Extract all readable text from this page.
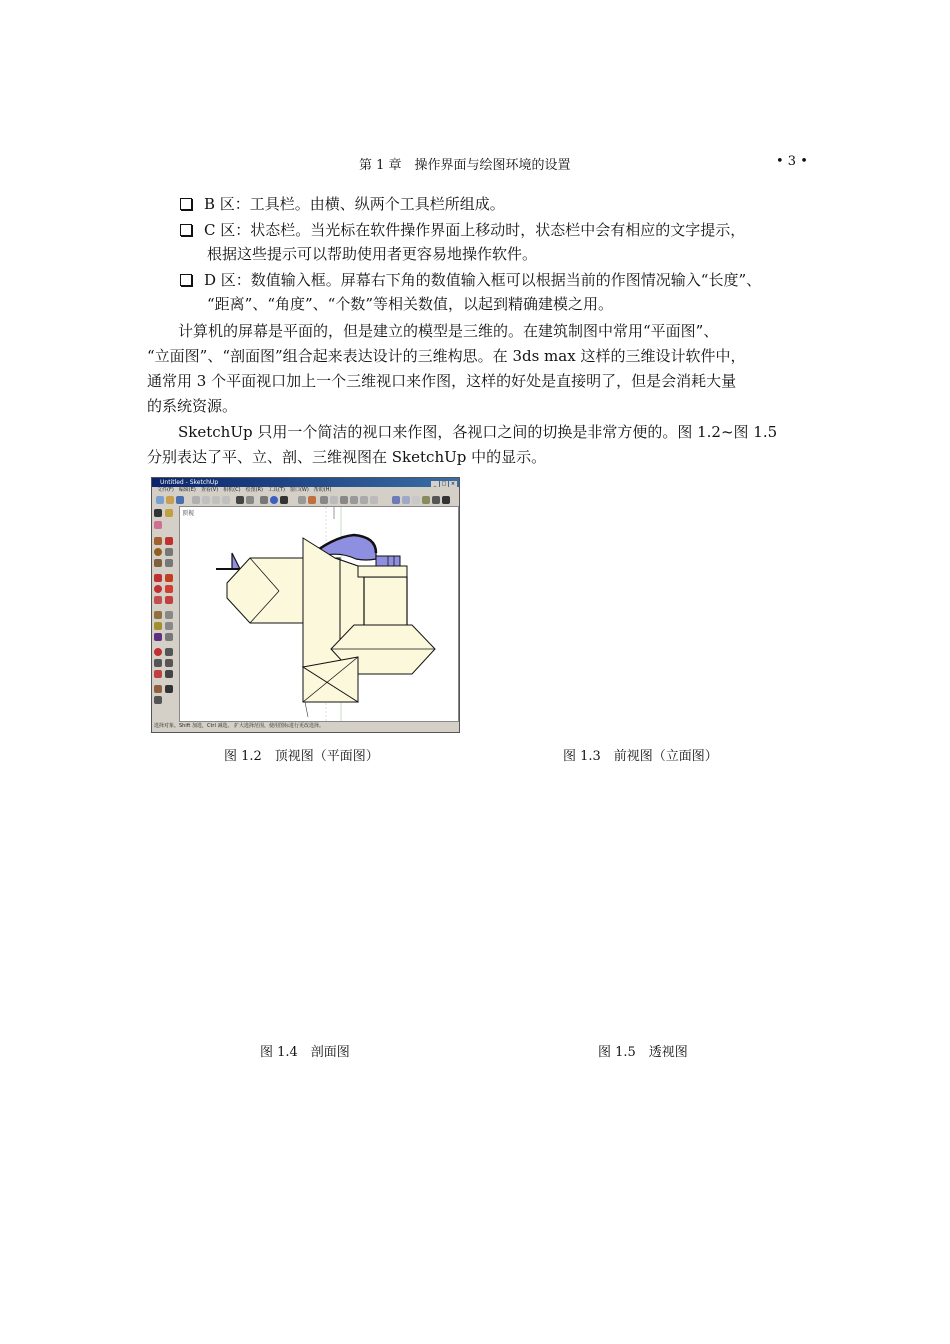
第 1 章　操作界面与绘图环境的设置	• 3 •
B 区：工具栏。由横、纵两个工具栏所组成。
C 区：状态栏。当光标在软件操作界面上移动时，状态栏中会有相应的文字提示，
根据这些提示可以帮助使用者更容易地操作软件。
D 区：数值输入框。屏幕右下角的数值输入框可以根据当前的作图情况输入“长度”、
“距离”、“角度”、“个数”等相关数值，以起到精确建模之用。
计算机的屏幕是平面的，但是建立的模型是三维的。在建筑制图中常用“平面图”、
“立面图”、“剖面图”组合起来表达设计的三维构思。在 3ds max 这样的三维设计软件中，
通常用 3 个平面视口加上一个三维视口来作图，这样的好处是直接明了，但是会消耗大量
的系统资源。
SketchUp 只用一个简洁的视口来作图，各视口之间的切换是非常方便的。图 1.2~图 1.5
分别表达了平、立、剖、三维视图在 SketchUp 中的显示。
Untitled - SketchUp	_ □ ×
文件(F) 编辑(E) 查看(V) 相机(C) 绘图(R) 工具(T) 窗口(W) 帮助(H)
顶视
选择对象。Shift 加选，Ctrl 减选。 扩大选择范围，使用图标进行更改选择。
图 1.2　顶视图（平面图）	图 1.3　前视图（立面图）
图 1.4　剖面图	图 1.5　透视图
